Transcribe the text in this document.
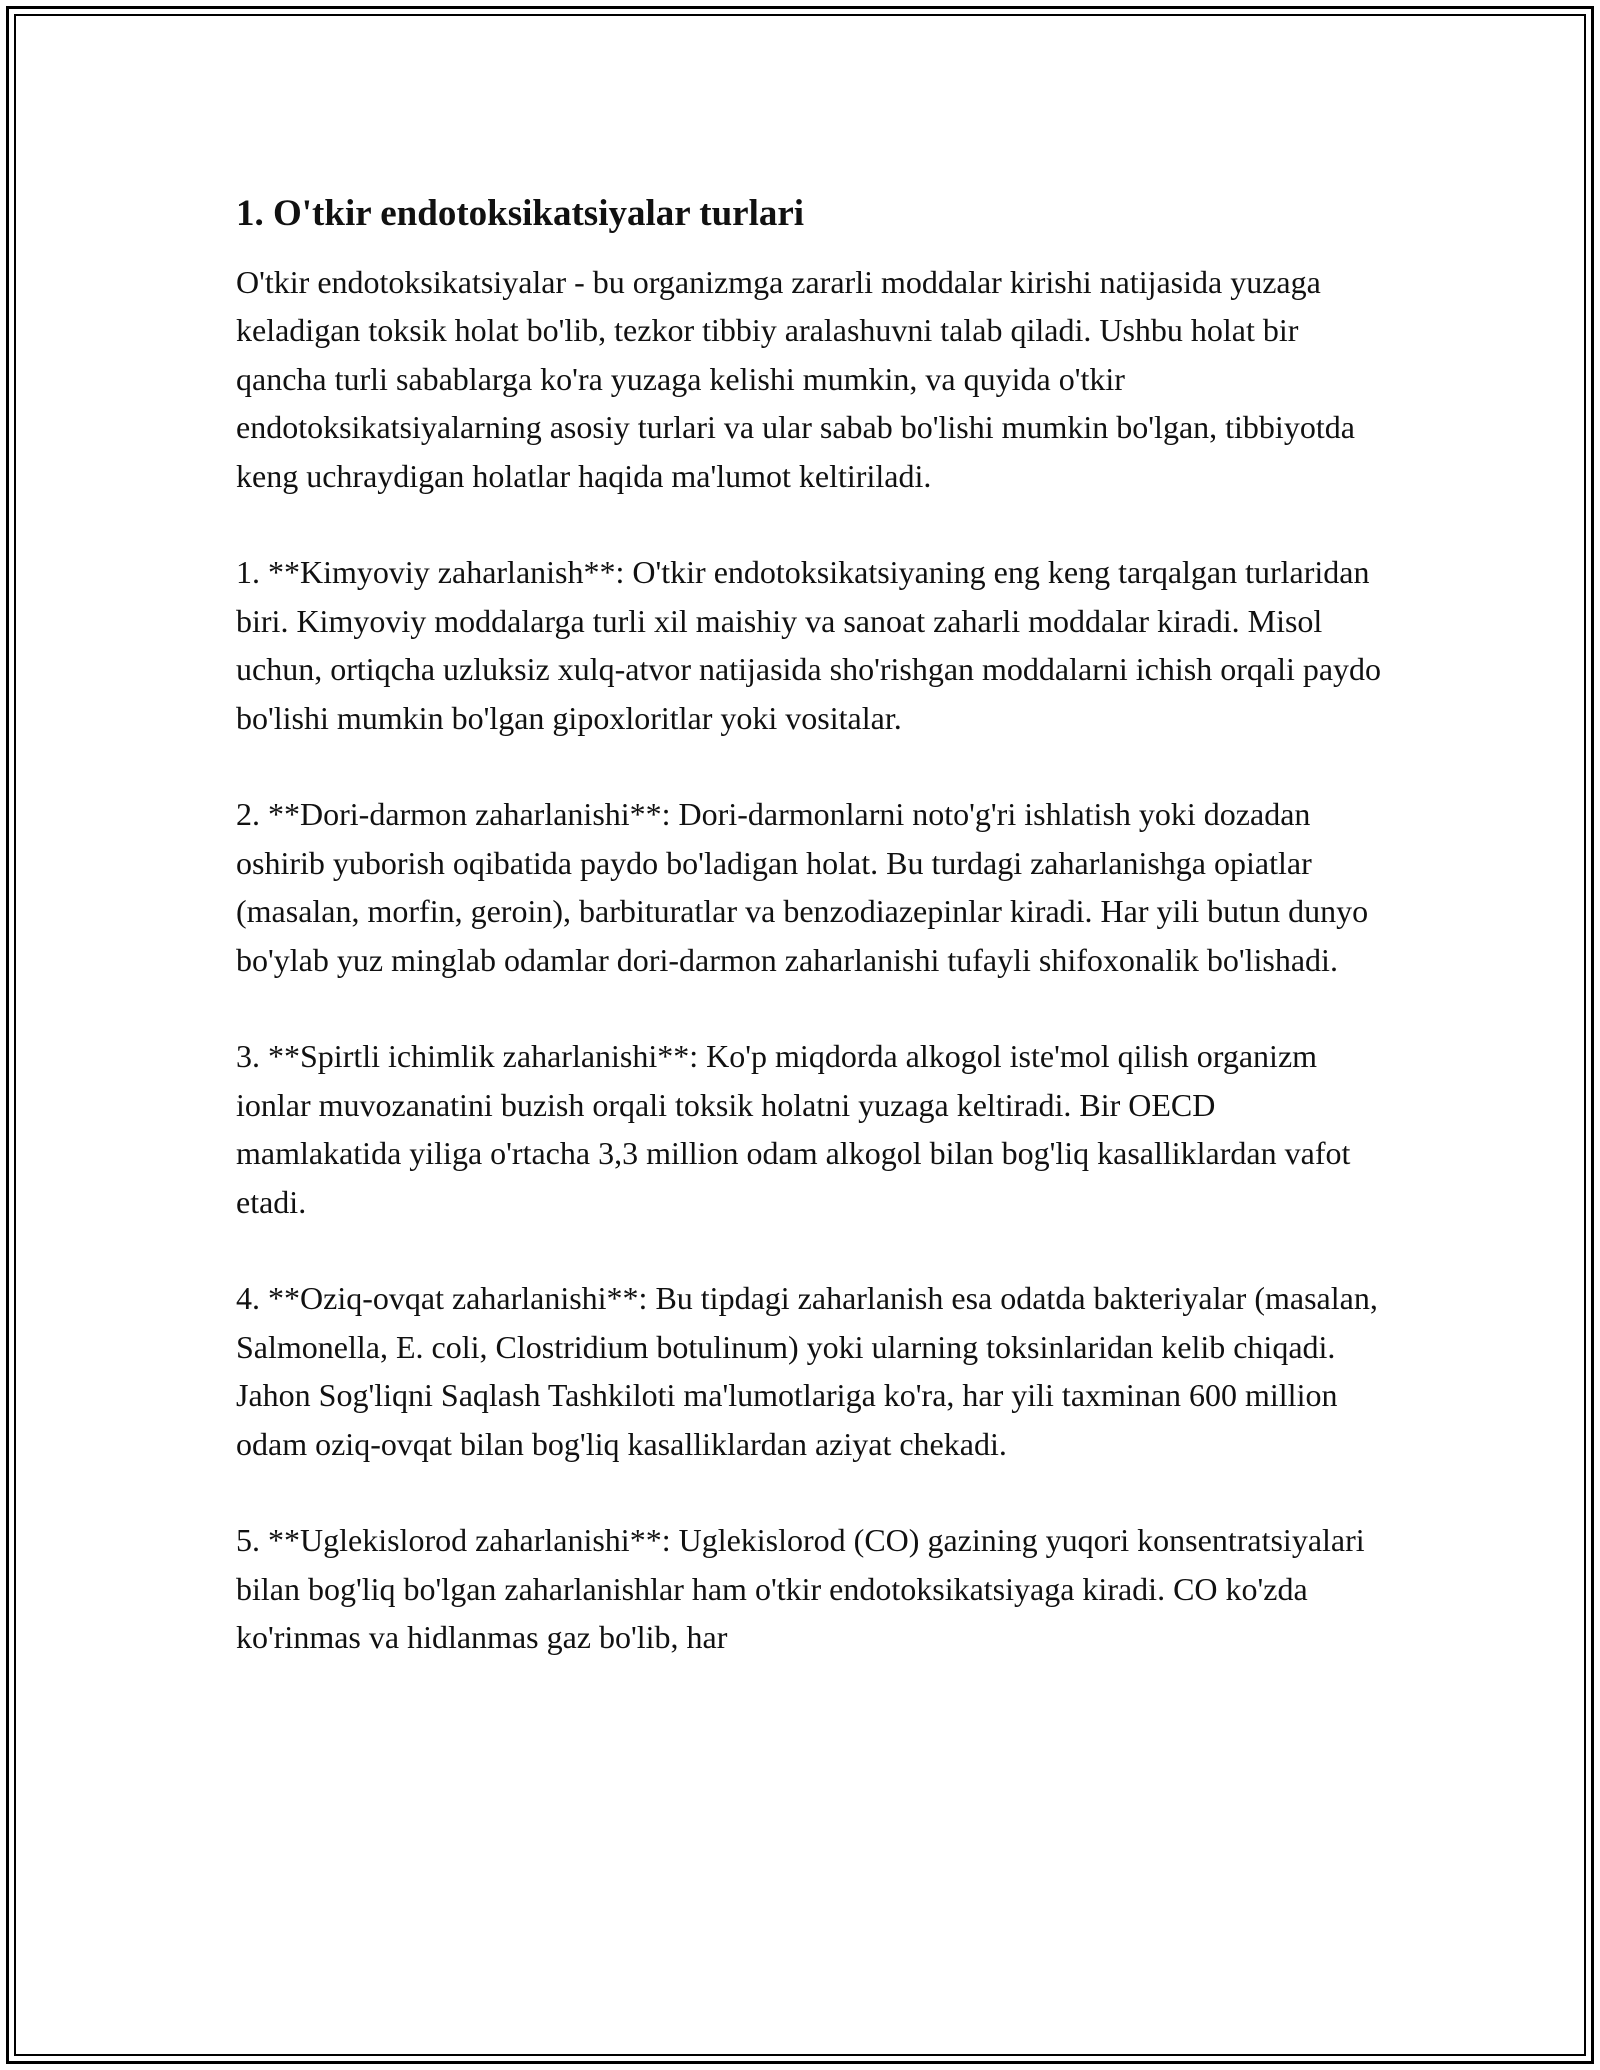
1. O'tkir endotoksikatsiyalar turlari

O'tkir endotoksikatsiyalar - bu organizmga zararli moddalar kirishi natijasida yuzaga keladigan toksik holat bo'lib, tezkor tibbiy aralashuvni talab qiladi. Ushbu holat bir qancha turli sabablarga ko'ra yuzaga kelishi mumkin, va quyida o'tkir endotoksikatsiyalarning asosiy turlari va ular sabab bo'lishi mumkin bo'lgan, tibbiyotda keng uchraydigan holatlar haqida ma'lumot keltiriladi.

1. **Kimyoviy zaharlanish**: O'tkir endotoksikatsiyaning eng keng tarqalgan turlaridan biri. Kimyoviy moddalarga turli xil maishiy va sanoat zaharli moddalar kiradi. Misol uchun, ortiqcha uzluksiz xulq-atvor natijasida sho'rishgan moddalarni ichish orqali paydo bo'lishi mumkin bo'lgan gipoxloritlar yoki vositalar.

2. **Dori-darmon zaharlanishi**: Dori-darmonlarni noto'g'ri ishlatish yoki dozadan oshirib yuborish oqibatida paydo bo'ladigan holat. Bu turdagi zaharlanishga opiatlar (masalan, morfin, geroin), barbituratlar va benzodiazepinlar kiradi. Har yili butun dunyo bo'ylab yuz minglab odamlar dori-darmon zaharlanishi tufayli shifoxonalik bo'lishadi.

3. **Spirtli ichimlik zaharlanishi**: Ko'p miqdorda alkogol iste'mol qilish organizm ionlar muvozanatini buzish orqali toksik holatni yuzaga keltiradi. Bir OECD mamlakatida yiliga o'rtacha 3,3 million odam alkogol bilan bog'liq kasalliklardan vafot etadi.

4. **Oziq-ovqat zaharlanishi**: Bu tipdagi zaharlanish esa odatda bakteriyalar (masalan, Salmonella, E. coli, Clostridium botulinum) yoki ularning toksinlaridan kelib chiqadi. Jahon Sog'liqni Saqlash Tashkiloti ma'lumotlariga ko'ra, har yili taxminan 600 million odam oziq-ovqat bilan bog'liq kasalliklardan aziyat chekadi.

5. **Uglekislorod zaharlanishi**: Uglekislorod (CO) gazining yuqori konsentratsiyalari bilan bog'liq bo'lgan zaharlanishlar ham o'tkir endotoksikatsiyaga kiradi. CO ko'zda ko'rinmas va hidlanmas gaz bo'lib, har
